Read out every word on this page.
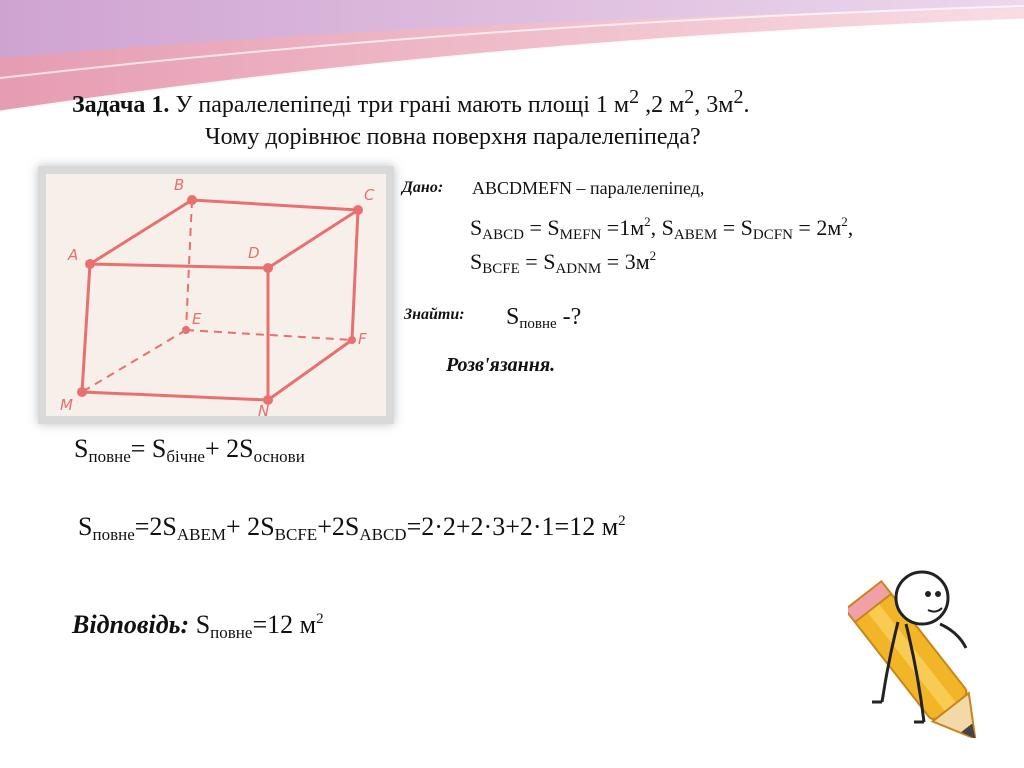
Задача 1. У паралелепіпеді три грані мають площі 1 $м^2$ ,2 $м^2$, $3м^2$.
Чому дорівнює повна поверхня паралелепіпеда?
A
B
C
D
E
F
M	N
Дано: ABCDMEFN – паралелепіпед,
$S_{ABCD} = S_{MEFN} =1м^2$, $S_{ABEM} = S_{DCFN} = 2м^2$,
$S_{BCFE} = S_{ADNM} = 3м^2$
Знайти: $S_{повне}$ -?
Розв'язання.
$S_{повне}= S_{бічне}+ 2S_{основи}$
$S_{повне}=2S_{ABEM}+ 2S_{BCFE}+2S_{ABCD}=2\cdot 2+2\cdot 3+2\cdot 1=12$ $м^2$
Відповідь: $S_{повне}=12$ $м^2$
